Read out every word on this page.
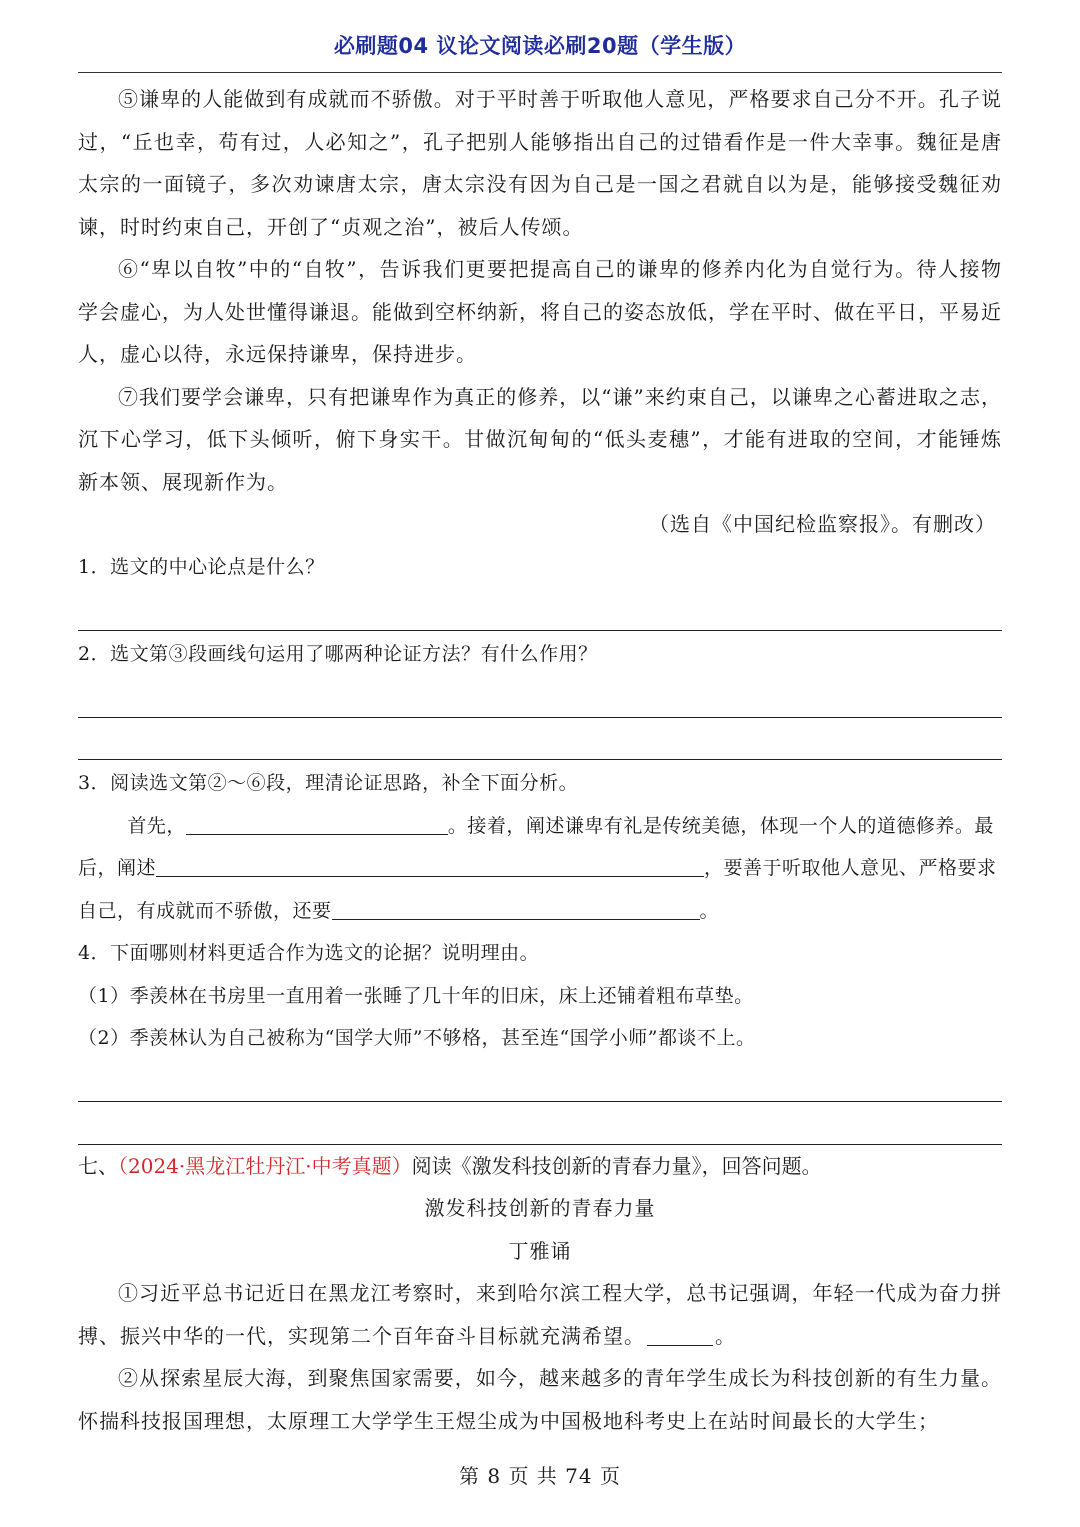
必刷题04 议论文阅读必刷20题（学生版）

⑤谦卑的人能做到有成就而不骄傲。对于平时善于听取他人意见，严格要求自己分不开。孔子说过，“丘也幸，苟有过，人必知之”，孔子把别人能够指出自己的过错看作是一件大幸事。魏征是唐太宗的一面镜子，多次劝谏唐太宗，唐太宗没有因为自己是一国之君就自以为是，能够接受魏征劝谏，时时约束自己，开创了“贞观之治”，被后人传颂。

⑥“卑以自牧”中的“自牧”，告诉我们更要把提高自己的谦卑的修养内化为自觉行为。待人接物学会虚心，为人处世懂得谦退。能做到空杯纳新，将自己的姿态放低，学在平时、做在平日，平易近人，虚心以待，永远保持谦卑，保持进步。

⑦我们要学会谦卑，只有把谦卑作为真正的修养，以“谦”来约束自己，以谦卑之心蓄进取之志，沉下心学习，低下头倾听，俯下身实干。甘做沉甸甸的“低头麦穗”，才能有进取的空间，才能锤炼新本领、展现新作为。

（选自《中国纪检监察报》。有删改）

1．选文的中心论点是什么？

2．选文第③段画线句运用了哪两种论证方法？有什么作用？

3．阅读选文第②～⑥段，理清论证思路，补全下面分析。

首先，	。接着，阐述谦卑有礼是传统美德，体现一个人的道德修养。最后，阐述	，要善于听取他人意见、严格要求自己，有成就而不骄傲，还要	。

4．下面哪则材料更适合作为选文的论据？说明理由。

（1）季羡林在书房里一直用着一张睡了几十年的旧床，床上还铺着粗布草垫。

（2）季羡林认为自己被称为“国学大师”不够格，甚至连“国学小师”都谈不上。

七、（2024·黑龙江牡丹江·中考真题）阅读《激发科技创新的青春力量》，回答问题。

激发科技创新的青春力量

丁雅诵

①习近平总书记近日在黑龙江考察时，来到哈尔滨工程大学，总书记强调，年轻一代成为奋力拼搏、振兴中华的一代，实现第二个百年奋斗目标就充满希望。	。

②从探索星辰大海，到聚焦国家需要，如今，越来越多的青年学生成长为科技创新的有生力量。怀揣科技报国理想，太原理工大学学生王煜尘成为中国极地科考史上在站时间最长的大学生；

第 8 页 共 74 页
